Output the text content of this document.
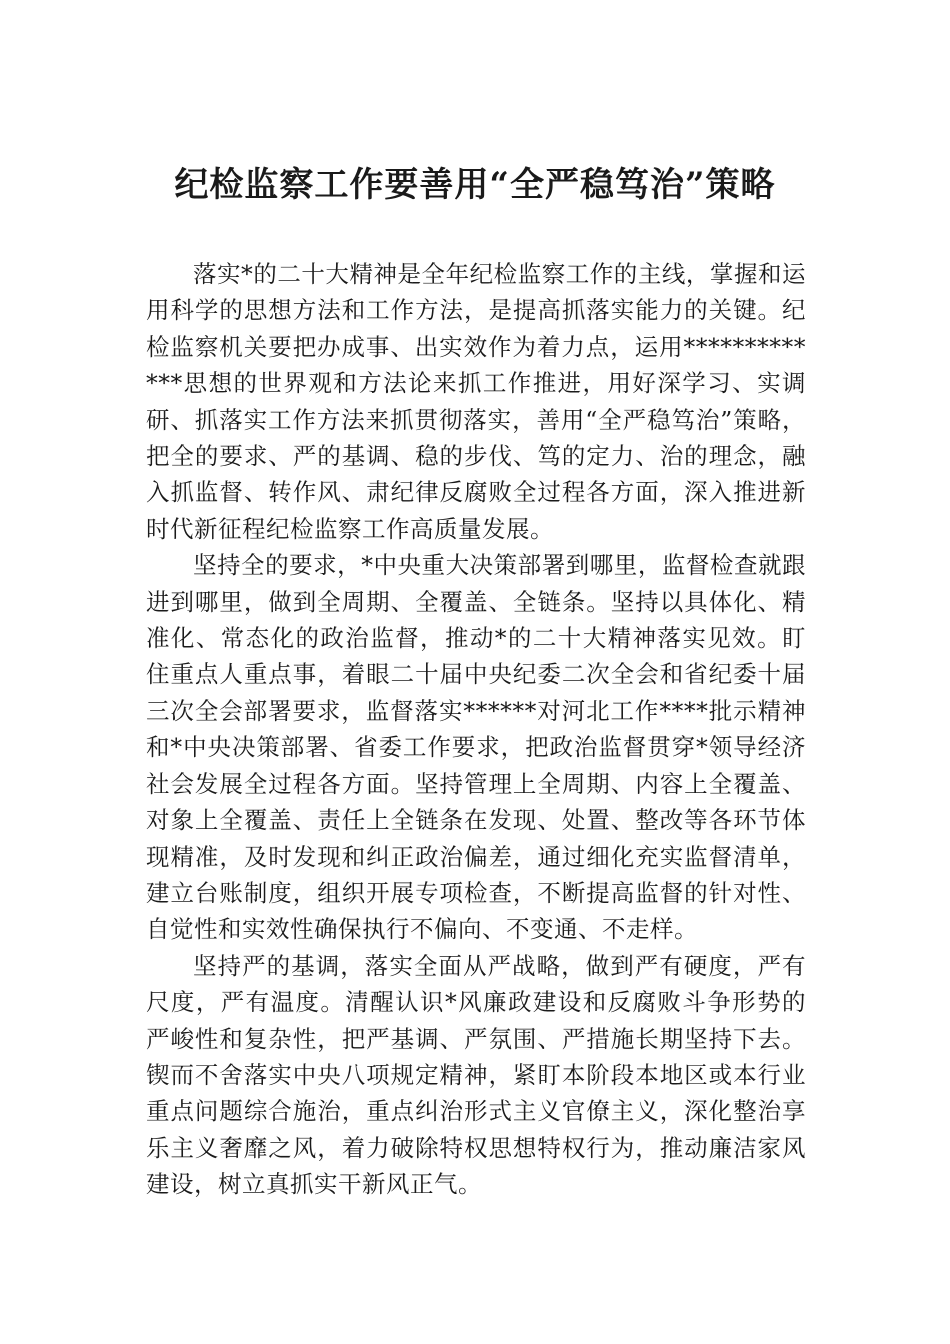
纪检监察工作要善用“全严稳笃治”策略

落实*的二十大精神是全年纪检监察工作的主线，掌握和运用科学的思想方法和工作方法，是提高抓落实能力的关键。纪检监察机关要把办成事、出实效作为着力点，运用*************思想的世界观和方法论来抓工作推进，用好深学习、实调研、抓落实工作方法来抓贯彻落实，善用“全严稳笃治”策略，把全的要求、严的基调、稳的步伐、笃的定力、治的理念，融入抓监督、转作风、肃纪律反腐败全过程各方面，深入推进新时代新征程纪检监察工作高质量发展。

坚持全的要求，*中央重大决策部署到哪里，监督检查就跟进到哪里，做到全周期、全覆盖、全链条。坚持以具体化、精准化、常态化的政治监督，推动*的二十大精神落实见效。盯住重点人重点事，着眼二十届中央纪委二次全会和省纪委十届三次全会部署要求，监督落实******对河北工作****批示精神和*中央决策部署、省委工作要求，把政治监督贯穿*领导经济社会发展全过程各方面。坚持管理上全周期、内容上全覆盖、对象上全覆盖、责任上全链条在发现、处置、整改等各环节体现精准，及时发现和纠正政治偏差，通过细化充实监督清单，建立台账制度，组织开展专项检查，不断提高监督的针对性、自觉性和实效性确保执行不偏向、不变通、不走样。

坚持严的基调，落实全面从严战略，做到严有硬度，严有尺度，严有温度。清醒认识*风廉政建设和反腐败斗争形势的严峻性和复杂性，把严基调、严氛围、严措施长期坚持下去。锲而不舍落实中央八项规定精神，紧盯本阶段本地区或本行业重点问题综合施治，重点纠治形式主义官僚主义，深化整治享乐主义奢靡之风，着力破除特权思想特权行为，推动廉洁家风建设，树立真抓实干新风正气。
